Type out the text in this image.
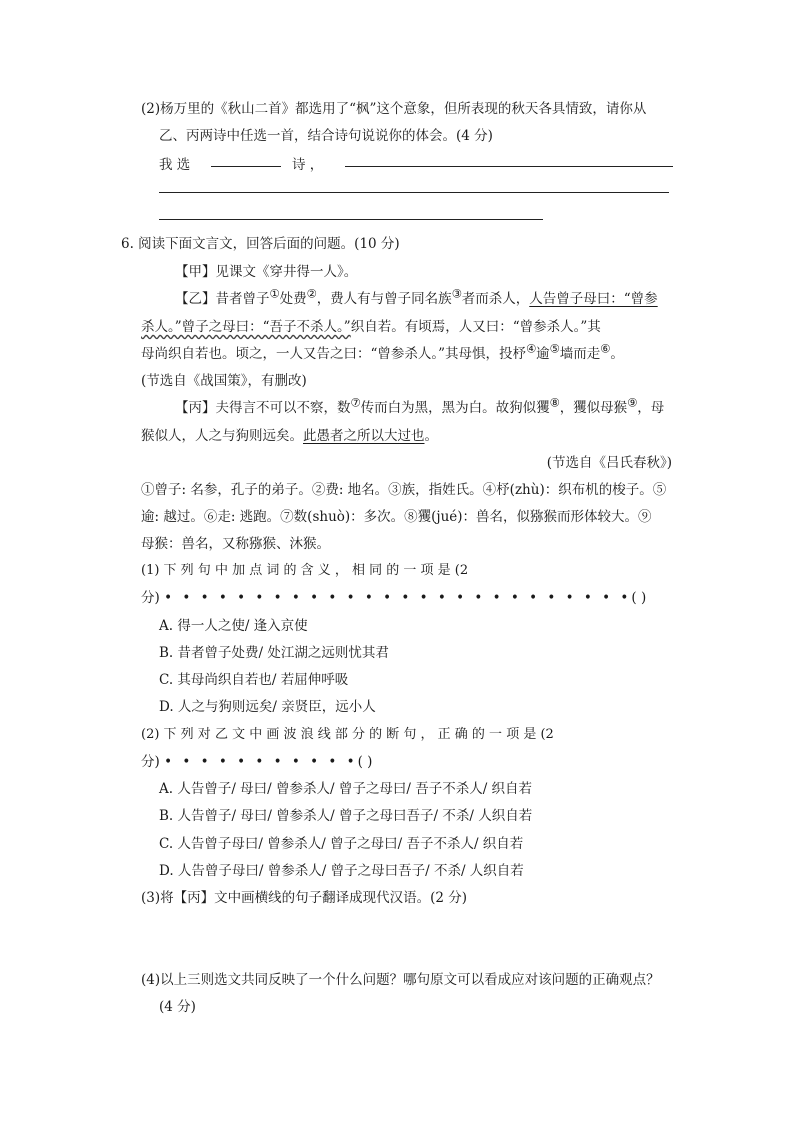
(2)杨万里的《秋山二首》都选用了“枫”这个意象，但所表现的秋天各具情致，请你从
乙、丙两诗中任选一首，结合诗句说说你的体会。(4 分)
我 选	诗 ，
6. 阅读下面文言文，回答后面的问题。(10 分)
【甲】见课文《穿井得一人》。
【乙】昔者曾子①处费②，费人有与曾子同名族③者而杀人，人告曾子母曰：“曾参
杀人。”曾子之母曰：“吾子不杀人。”织自若。有顷焉，人又曰：“曾参杀人。”其
母尚织自若也。顷之，一人又告之曰：“曾参杀人。”其母惧，投杼④逾⑤墙而走⑥。
(节选自《战国策》，有删改)
【丙】夫得言不可以不察，数⑦传而白为黑，黑为白。故狗似玃⑧，玃似母猴⑨，母
猴似人，人之与狗则远矣。此愚者之所以大过也。
(节选自《吕氏春秋》)
①曾子: 名参，孔子的弟子。②费: 地名。③族，指姓氏。④杼(zhù)：织布机的梭子。⑤
逾: 越过。⑥走: 逃跑。⑦数(shuò)：多次。⑧玃(jué)：兽名，似猕猴而形体较大。⑨
母猴：兽名，又称猕猴、沐猴。
(1) 下 列 句 中 加 点 词 的 含 义 ， 相 同 的 一 项 是 (2
分) • • • • • • • • • • • • • • • • • • • • • • • • • •( )
A. 得一人之使/ 逢入京使
B. 昔者曾子处费/ 处江湖之远则忧其君
C. 其母尚织自若也/ 若屈伸呼吸
D. 人之与狗则远矣/ 亲贤臣，远小人
(2) 下 列 对 乙 文 中 画 波 浪 线 部 分 的 断 句 ， 正 确 的 一 项 是 (2
分) • • • • • • • • • • •( )
A. 人告曾子/ 母曰/ 曾参杀人/ 曾子之母曰/ 吾子不杀人/ 织自若
B. 人告曾子/ 母曰/ 曾参杀人/ 曾子之母曰吾子/ 不杀/ 人织自若
C. 人告曾子母曰/ 曾参杀人/ 曾子之母曰/ 吾子不杀人/ 织自若
D. 人告曾子母曰/ 曾参杀人/ 曾子之母曰吾子/ 不杀/ 人织自若
(3)将【丙】文中画横线的句子翻译成现代汉语。(2 分)
(4)以上三则选文共同反映了一个什么问题？哪句原文可以看成应对该问题的正确观点？
(4 分)
